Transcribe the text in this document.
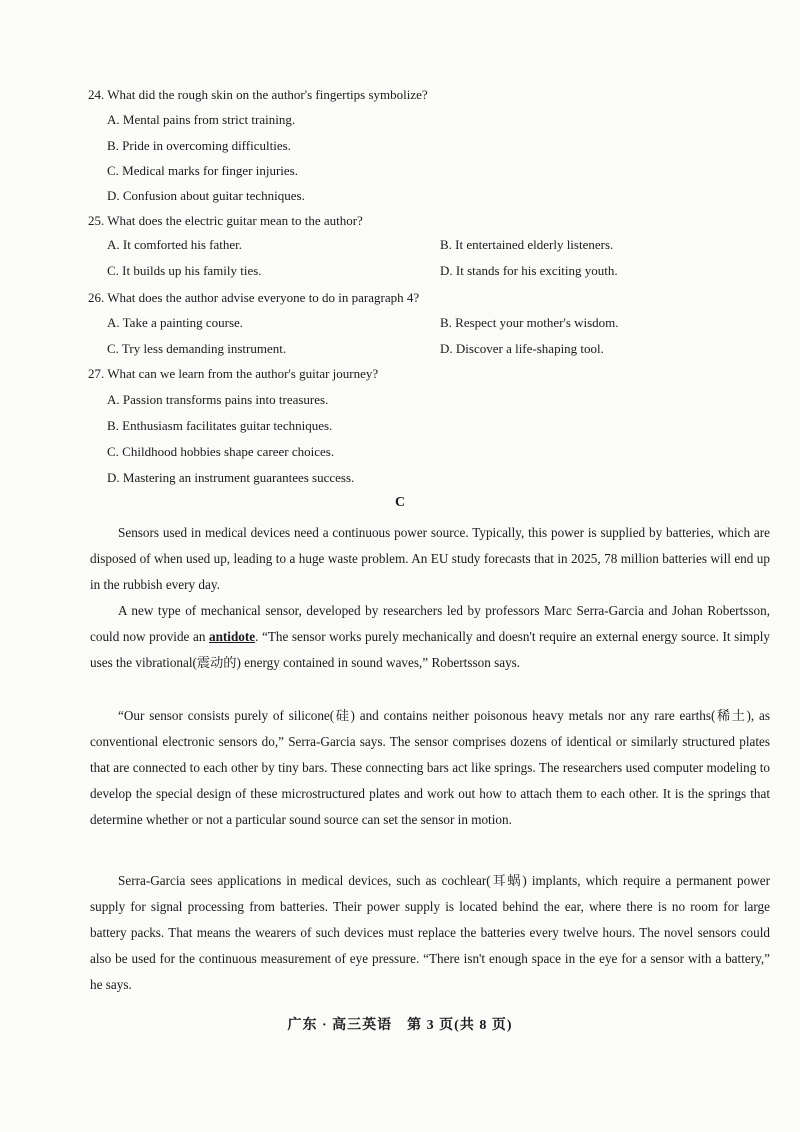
24. What did the rough skin on the author's fingertips symbolize?
A. Mental pains from strict training.
B. Pride in overcoming difficulties.
C. Medical marks for finger injuries.
D. Confusion about guitar techniques.
25. What does the electric guitar mean to the author?
A. It comforted his father.	B. It entertained elderly listeners.
C. It builds up his family ties.	D. It stands for his exciting youth.
26. What does the author advise everyone to do in paragraph 4?
A. Take a painting course.	B. Respect your mother's wisdom.
C. Try less demanding instrument.	D. Discover a life-shaping tool.
27. What can we learn from the author's guitar journey?
A. Passion transforms pains into treasures.
B. Enthusiasm facilitates guitar techniques.
C. Childhood hobbies shape career choices.
D. Mastering an instrument guarantees success.
C
Sensors used in medical devices need a continuous power source. Typically, this power is supplied by batteries, which are disposed of when used up, leading to a huge waste problem. An EU study forecasts that in 2025, 78 million batteries will end up in the rubbish every day.
A new type of mechanical sensor, developed by researchers led by professors Marc Serra-Garcia and Johan Robertsson, could now provide an antidote. “The sensor works purely mechanically and doesn't require an external energy source. It simply uses the vibrational(震动的) energy contained in sound waves,” Robertsson says.
“Our sensor consists purely of silicone(硅) and contains neither poisonous heavy metals nor any rare earths(稀土), as conventional electronic sensors do,” Serra-Garcia says. The sensor comprises dozens of identical or similarly structured plates that are connected to each other by tiny bars. These connecting bars act like springs. The researchers used computer modeling to develop the special design of these microstructured plates and work out how to attach them to each other. It is the springs that determine whether or not a particular sound source can set the sensor in motion.
Serra-Garcia sees applications in medical devices, such as cochlear(耳蜗) implants, which require a permanent power supply for signal processing from batteries. Their power supply is located behind the ear, where there is no room for large battery packs. That means the wearers of such devices must replace the batteries every twelve hours. The novel sensors could also be used for the continuous measurement of eye pressure. “There isn't enough space in the eye for a sensor with a battery,” he says.
广东 · 高三英语　第 3 页(共 8 页)
